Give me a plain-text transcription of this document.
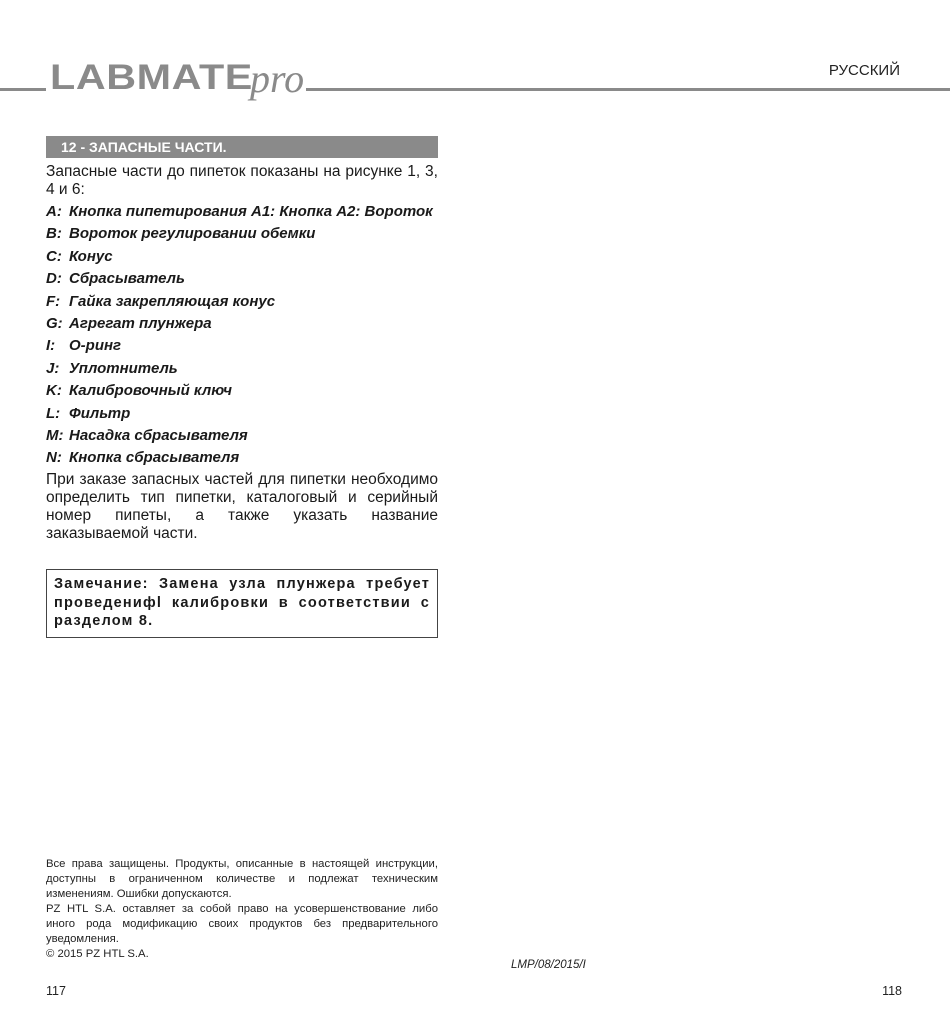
LABMATE
pro	РУССКИЙ
12 - ЗАПАСНЫЕ ЧАСТИ.

Запасные части до пипеток показаны на рисунке 1, 3, 4 и 6:

A: Кнопка пипетирования A1: Кнопка A2: Вороток
B: Вороток регулировании обемки
C: Конус
D: Сбрасыватель
F: Гайка закрепляющая конус
G: Агрегат плунжера
I: О-ринг
J: Уплотнитель
K: Калибровочный ключ
L: Фильтр
M: Насадка сбрасывателя
N: Кнопка сбрасывателя

При заказе запасных частей для пипетки необходимо определить тип пипетки, каталоговый и серийный номер пипеты, а также указать название заказываемой части.

Замечание: Замена узла плунжера требует проведенифl калибровки в соответствии с разделом 8.

Все права защищены. Продукты, описанные в настоящей инструкции, доступны в ограниченном количестве и подлежат техническим изменениям. Ошибки допускаются.

PZ HTL S.A. оставляет за собой право на усовершенствование либо иного рода модификацию своих продуктов без предварительного уведомления.

© 2015 PZ HTL S.A.

LMP/08/2015/I
117	118
